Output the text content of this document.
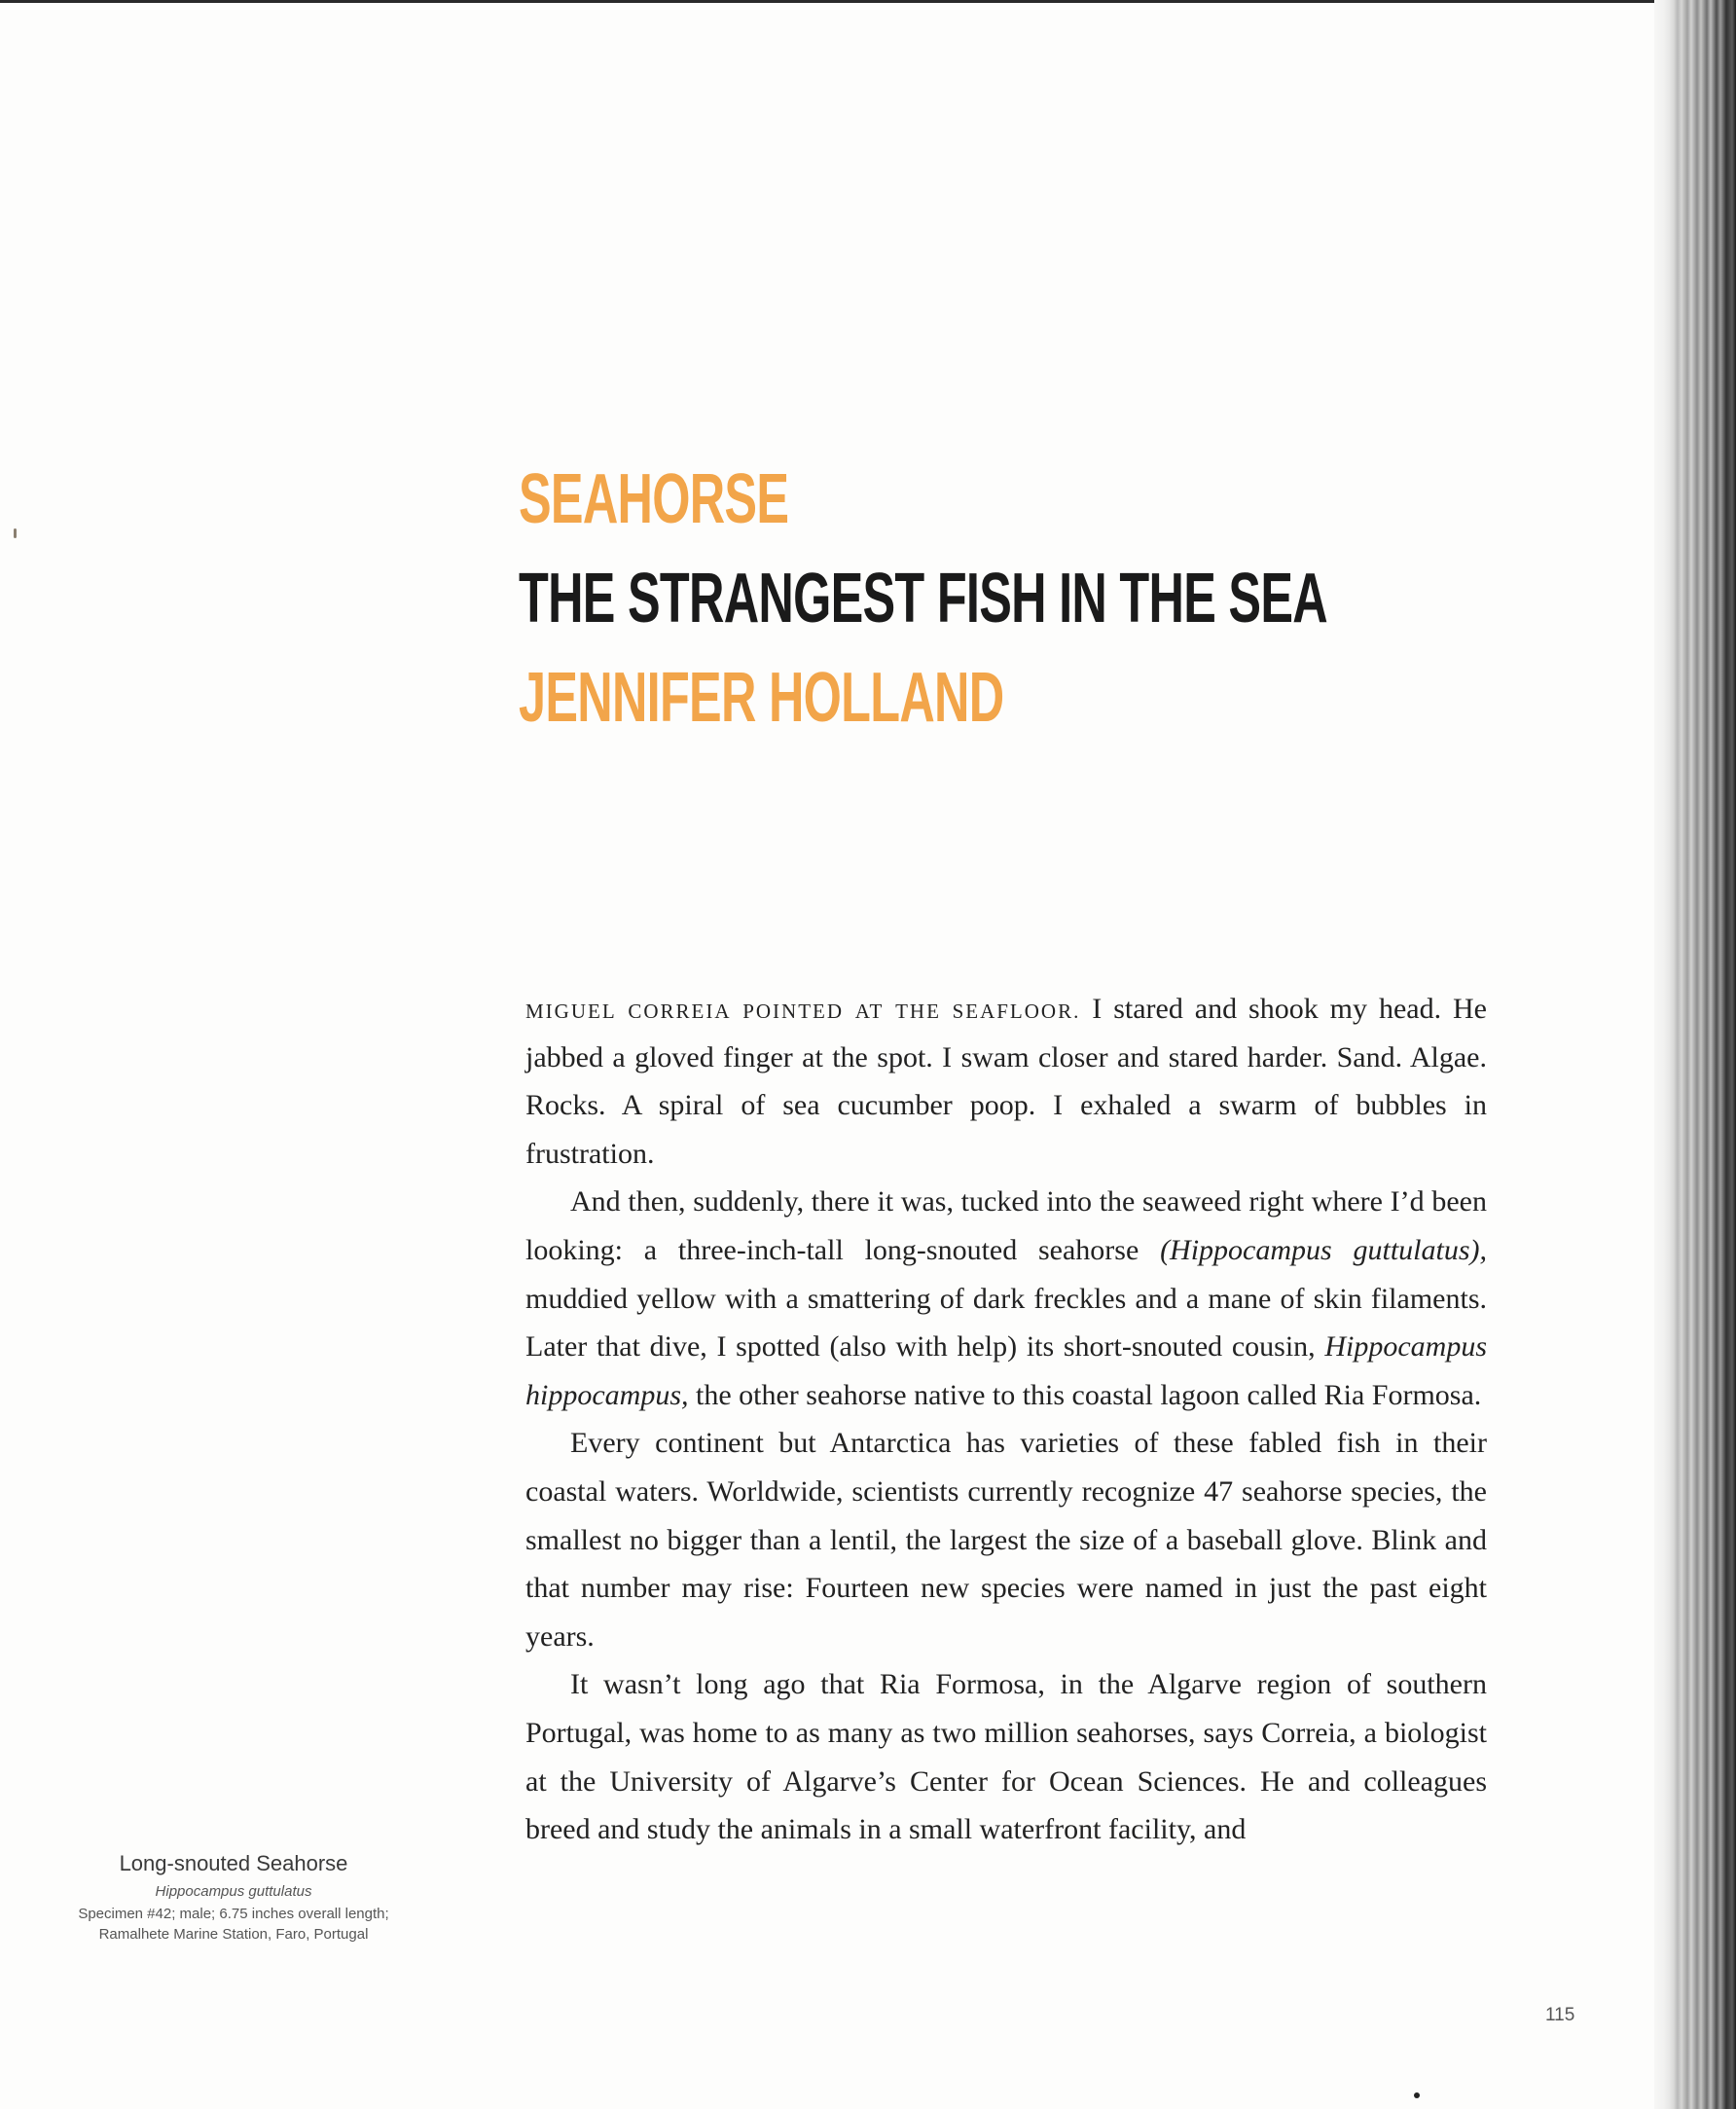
SEAHORSE
THE STRANGEST FISH IN THE SEA
JENNIFER HOLLAND

miguel correia pointed at the seafloor. I stared and shook my head. He jabbed a gloved finger at the spot. I swam closer and stared harder. Sand. Algae. Rocks. A spiral of sea cucumber poop. I exhaled a swarm of bubbles in frustration.

And then, suddenly, there it was, tucked into the seaweed right where I’d been looking: a three-inch-tall long-snouted seahorse (Hippocampus guttulatus), muddied yellow with a smattering of dark freckles and a mane of skin filaments. Later that dive, I spotted (also with help) its short-snouted cousin, Hippocampus hippocampus, the other seahorse native to this coastal lagoon called Ria Formosa.

Every continent but Antarctica has varieties of these fabled fish in their coastal waters. Worldwide, scientists currently recognize 47 seahorse species, the smallest no bigger than a lentil, the largest the size of a baseball glove. Blink and that number may rise: Fourteen new species were named in just the past eight years.

It wasn’t long ago that Ria Formosa, in the Algarve region of southern Portugal, was home to as many as two million seahorses, says Correia, a biologist at the University of Algarve’s Center for Ocean Sciences. He and colleagues breed and study the animals in a small waterfront facility, and

Long-snouted Seahorse
Hippocampus guttulatus
Specimen #42; male; 6.75 inches overall length;
Ramalhete Marine Station, Faro, Portugal
115
